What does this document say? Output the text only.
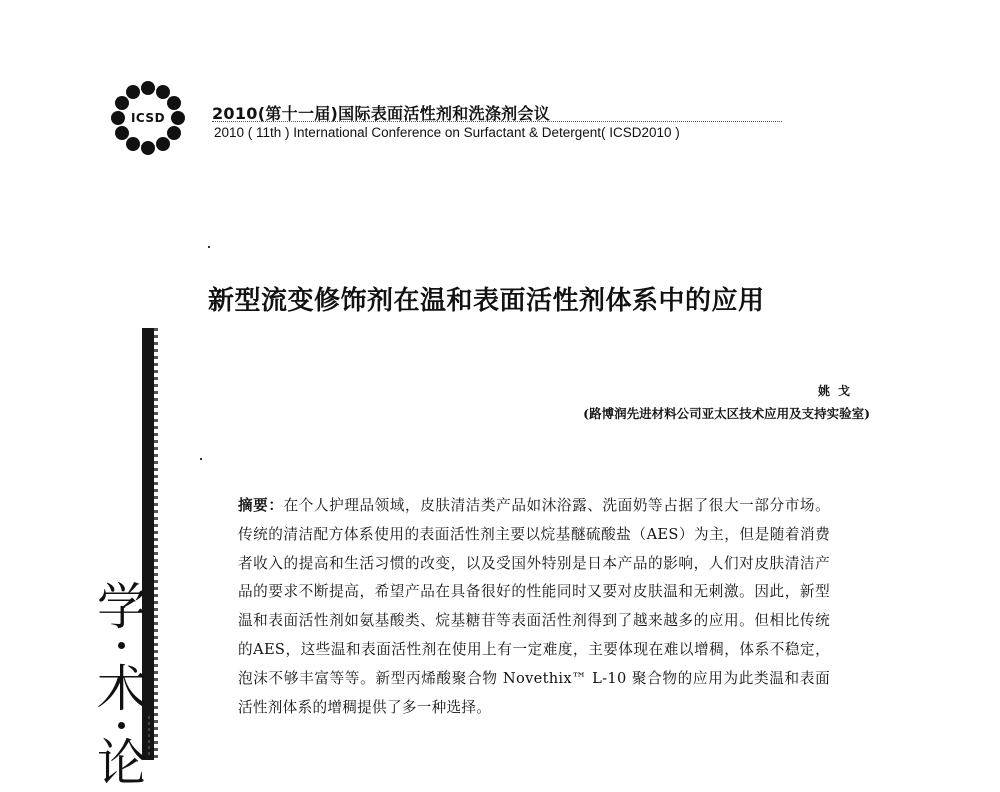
ICSD	2010(第十一届)国际表面活性剂和洗涤剂会议
2010 ( 11th ) International Conference on Surfactant & Detergent( ICSD2010 )
新型流变修饰剂在温和表面活性剂体系中的应用
姚戈
(路博润先进材料公司亚太区技术应用及支持实验室)
摘要：在个人护理品领域，皮肤清洁类产品如沐浴露、洗面奶等占据了很大一部分市场。传统的清洁配方体系使用的表面活性剂主要以烷基醚硫酸盐（AES）为主，但是随着消费者收入的提高和生活习惯的改变，以及受国外特别是日本产品的影响，人们对皮肤清洁产品的要求不断提高，希望产品在具备很好的性能同时又要对皮肤温和无刺激。因此，新型温和表面活性剂如氨基酸类、烷基糖苷等表面活性剂得到了越来越多的应用。但相比传统的AES，这些温和表面活性剂在使用上有一定难度，主要体现在难以增稠，体系不稳定，泡沫不够丰富等等。新型丙烯酸聚合物 Novethix™ L-10 聚合物的应用为此类温和表面活性剂体系的增稠提供了多一种选择。
学
术
论
